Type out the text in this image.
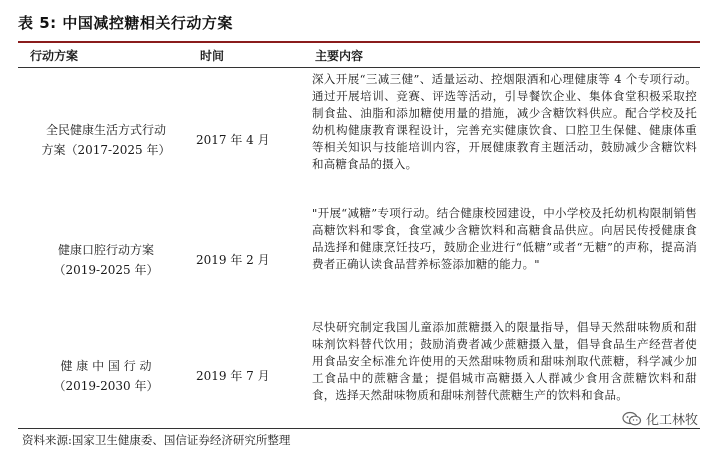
表 5: 中国减控糖相关行动方案
行动方案	时间	主要内容
全民健康生活方式行动
方案（2017-2025 年）
2017 年 4 月
深入开展“三减三健”、适量运动、控烟限酒和心理健康等 4 个专项行动。通过开展培训、竞赛、评选等活动，引导餐饮企业、集体食堂积极采取控制食盐、油脂和添加糖使用量的措施，减少含糖饮料供应。配合学校及托幼机构健康教育课程设计，完善充实健康饮食、口腔卫生保健、健康体重等相关知识与技能培训内容，开展健康教育主题活动，鼓励减少含糖饮料和高糖食品的摄入。
健康口腔行动方案
（2019-2025 年）
2019 年 2 月
"开展“减糖”专项行动。结合健康校园建设，中小学校及托幼机构限制销售高糖饮料和零食，食堂减少含糖饮料和高糖食品供应。向居民传授健康食品选择和健康烹饪技巧，鼓励企业进行“低糖”或者“无糖”的声称，提高消费者正确认读食品营养标签添加糖的能力。"
健 康 中 国 行 动
（2019-2030 年）
2019 年 7 月
尽快研究制定我国儿童添加蔗糖摄入的限量指导，倡导天然甜味物质和甜味剂饮料替代饮用；鼓励消费者减少蔗糖摄入量，倡导食品生产经营者使用食品安全标准允许使用的天然甜味物质和甜味剂取代蔗糖，科学减少加工食品中的蔗糖含量；提倡城市高糖摄入人群减少食用含蔗糖饮料和甜食，选择天然甜味物质和甜味剂替代蔗糖生产的饮料和食品。
资料来源:国家卫生健康委、国信证券经济研究所整理
化工林牧
